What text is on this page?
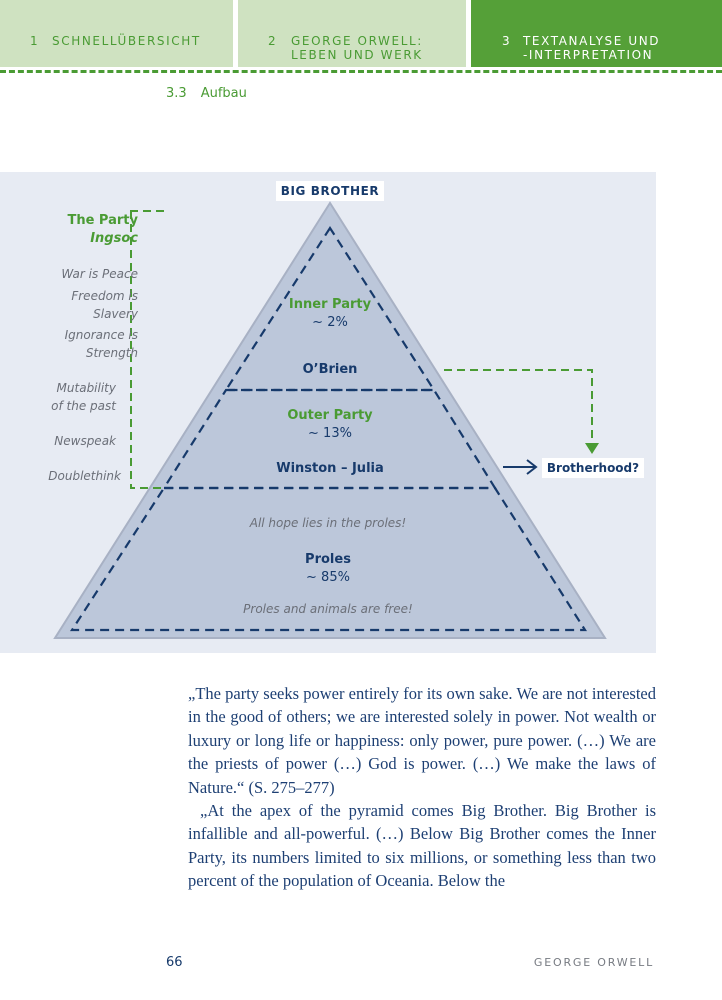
1 SCHNELLÜBERSICHT	2 GEORGE ORWELL:
LEBEN UND WERK
3 TEXTANALYSE UND
-INTERPRETATION
3.3 Aufbau
BIG BROTHER
Brotherhood?
Inner Party
~ 2%
O’Brien
Outer Party
~ 13%
Winston – Julia
All hope lies in the proles!
Proles
~ 85%
Proles and animals are free!
The Party
Ingsoc
War is Peace
Freedom is
Slavery
Ignorance is
Strength
Mutability
of the past
Newspeak
Doublethink

„The party seeks power entirely for its own sake. We are not interested in the good of others; we are interested solely in power. Not wealth or luxury or long life or happiness: only power, pure power. (…) We are the priests of power (…) God is power. (…) We make the laws of Nature.“ (S. 275–277)

„At the apex of the pyramid comes Big Brother. Big Brother is infallible and all-powerful. (…) Below Big Brother comes the Inner Party, its numbers limited to six millions, or something less than two percent of the population of Oceania. Below the

66	GEORGE ORWELL
